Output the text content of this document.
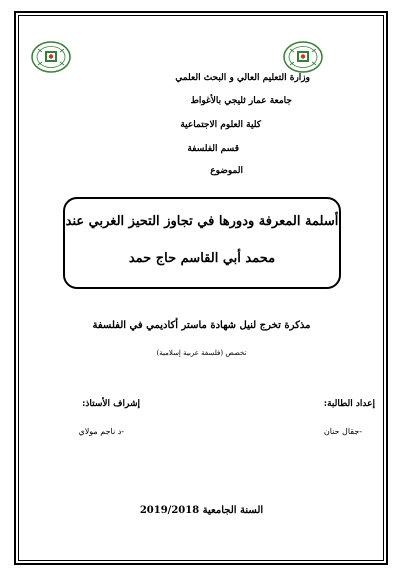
وزارة التعليم العالي و البحث العلمي
جامعة عمار ثليجي بالأغواط
كلية العلوم الاجتماعية
قسم الفلسفة
الموضوع
أسلمة المعرفة ودورها في تجاوز التحيز الغربي عند
محمد أبي القاسم حاج حمد
مذكرة تخرج لنيل شهادة ماستر أكاديمي في الفلسفة
تخصص (فلسفة عربية إسلامية)
إعداد الطالبة:
إشراف الأستاذ:
-جقال حنان
-د ناجم مولاي
السنة الجامعية 2019/2018
